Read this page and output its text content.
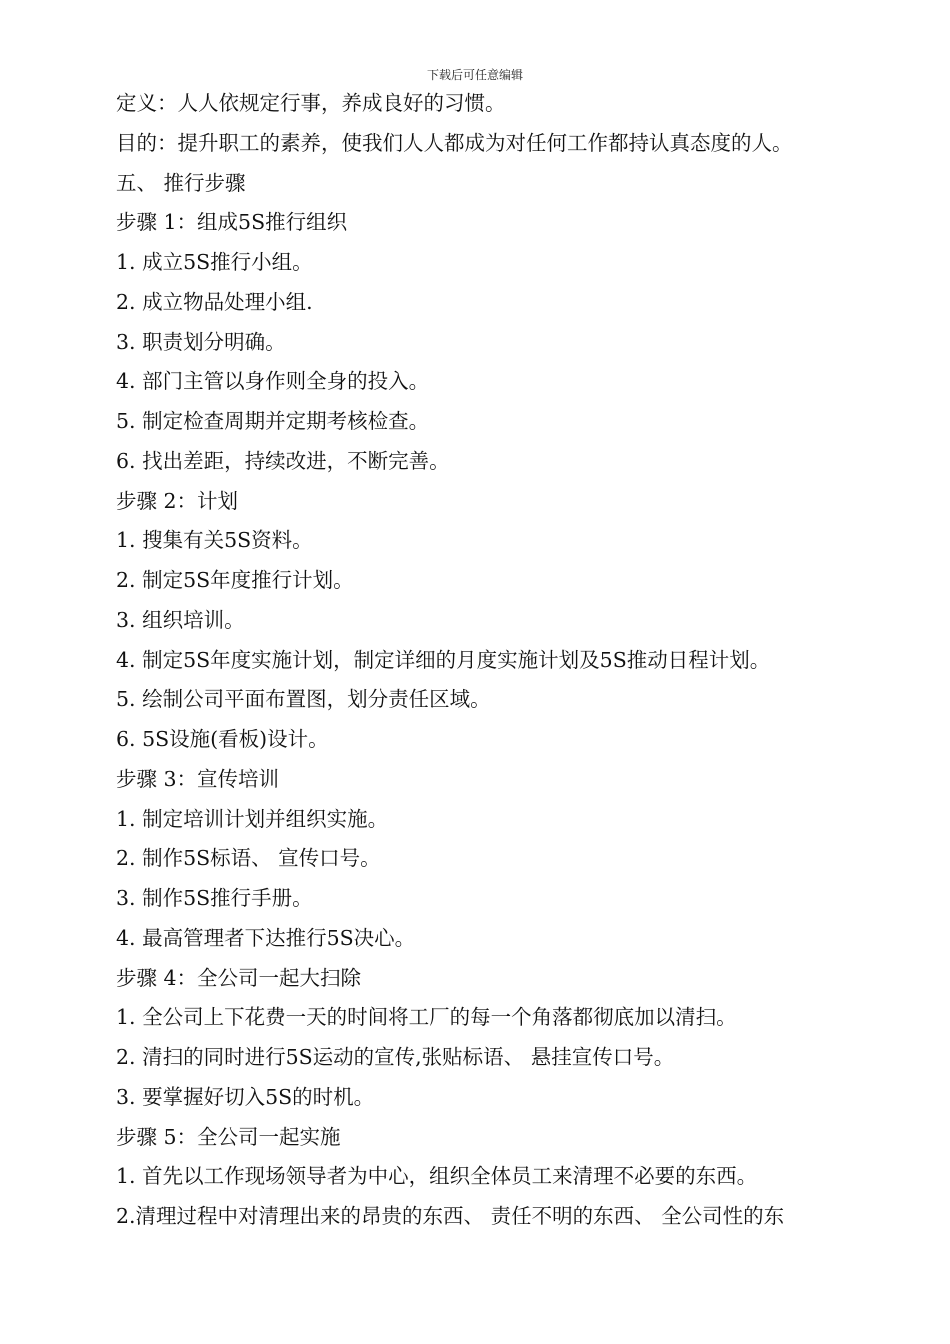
下载后可任意编辑
定义：人人依规定行事，养成良好的习惯。
目的：提升职工的素养，使我们人人都成为对任何工作都持认真态度的人。
五、 推行步骤
步骤 1：组成5S推行组织
1. 成立5S推行小组。
2. 成立物品处理小组.
3. 职责划分明确。
4. 部门主管以身作则全身的投入。
5. 制定检查周期并定期考核检查。
6. 找出差距，持续改进，不断完善。
步骤 2：计划
1. 搜集有关5S资料。
2. 制定5S年度推行计划。
3. 组织培训。
4. 制定5S年度实施计划，制定详细的月度实施计划及5S推动日程计划。
5. 绘制公司平面布置图，划分责任区域。
6. 5S设施(看板)设计。
步骤 3：宣传培训
1. 制定培训计划并组织实施。
2. 制作5S标语、 宣传口号。
3. 制作5S推行手册。
4. 最高管理者下达推行5S决心。
步骤 4：全公司一起大扫除
1. 全公司上下花费一天的时间将工厂的每一个角落都彻底加以清扫。
2. 清扫的同时进行5S运动的宣传,张贴标语、 悬挂宣传口号。
3. 要掌握好切入5S的时机。
步骤 5：全公司一起实施
1. 首先以工作现场领导者为中心，组织全体员工来清理不必要的东西。
2.清理过程中对清理出来的昂贵的东西、 责任不明的东西、 全公司性的东
